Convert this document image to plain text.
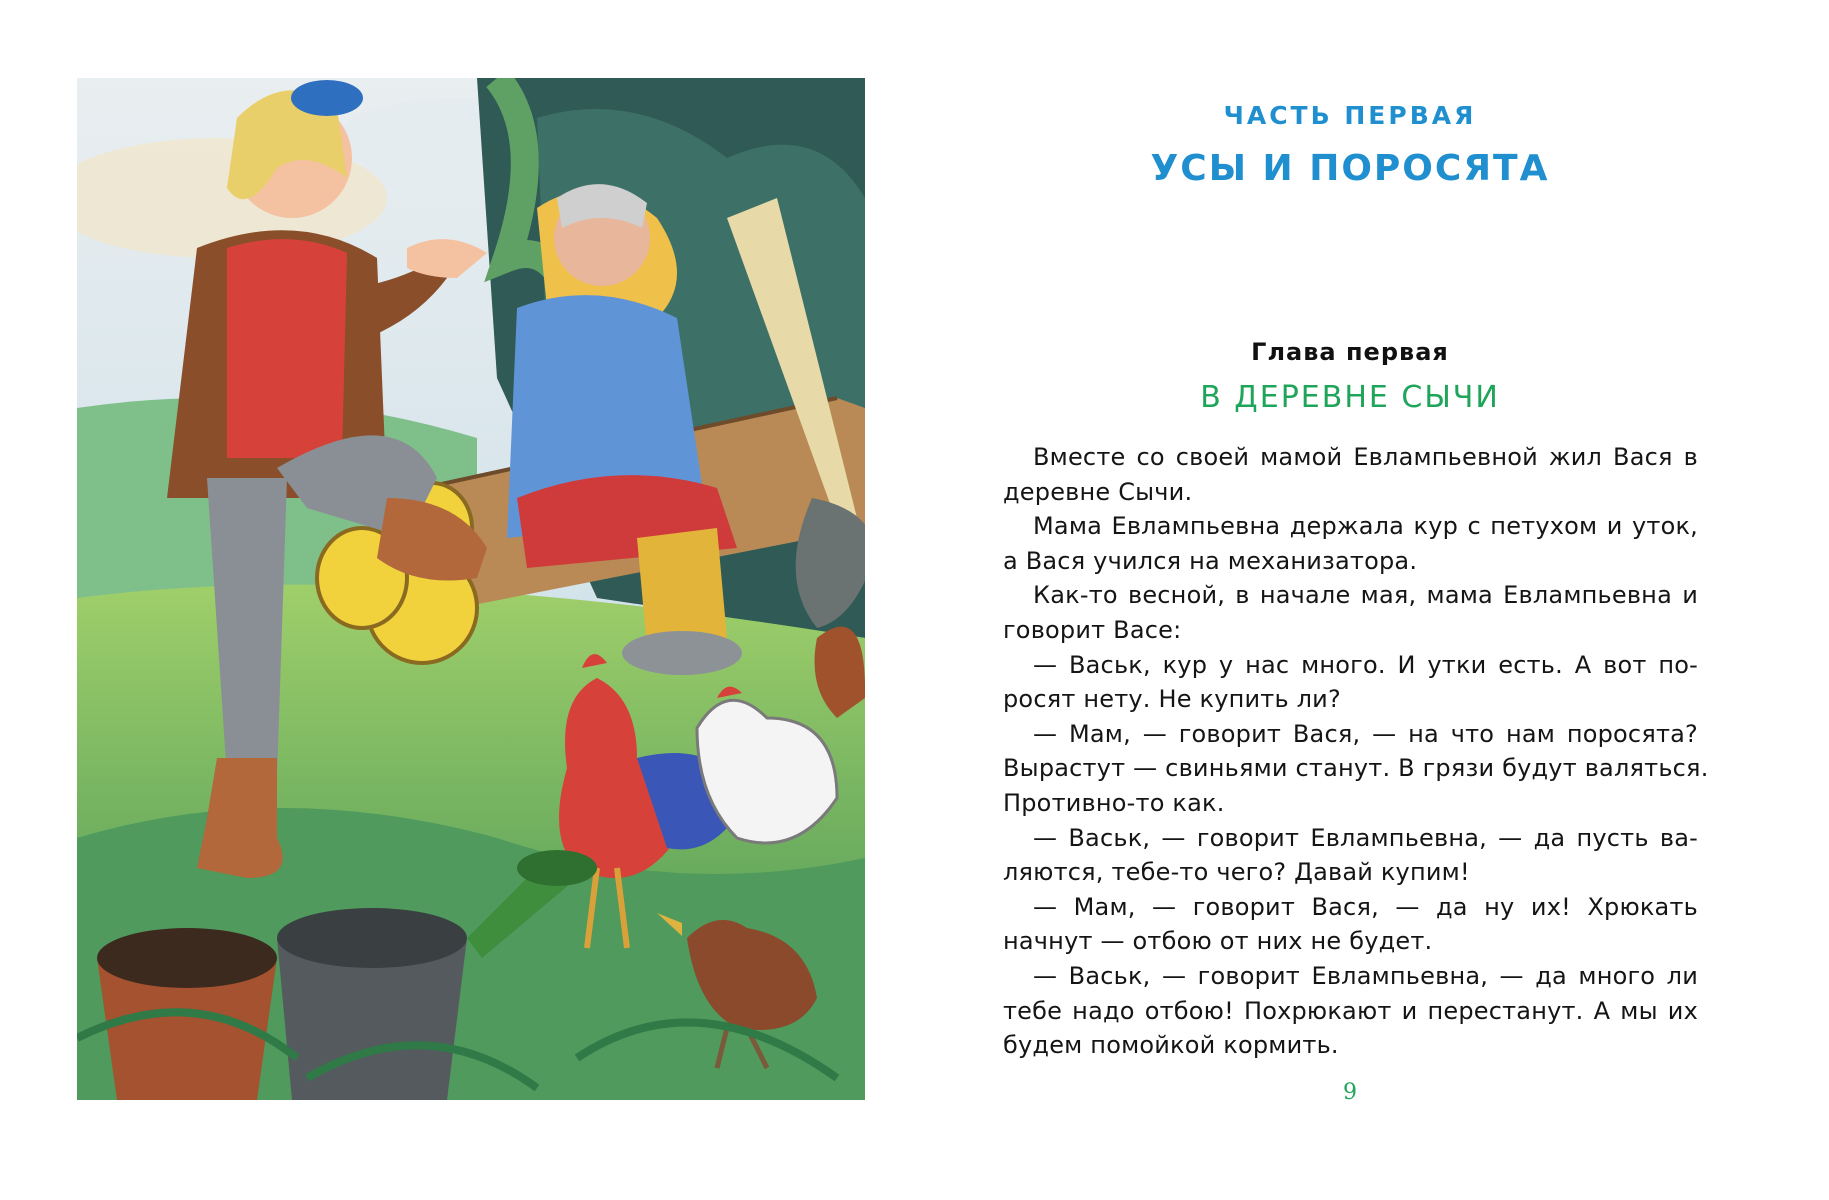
ЧАСТЬ ПЕРВАЯ
УСЫ И ПОРОСЯТА
Глава первая
В ДЕРЕВНЕ СЫЧИ
Вместе со своей мамой Евлампьевной жил Вася в
деревне Сычи.
Мама Евлампьевна держала кур с петухом и уток,
а Вася учился на механизатора.
Как-то весной, в начале мая, мама Евлампьевна и
говорит Васе:
— Васьк, кур у нас много. И утки есть. А вот по-
росят нету. Не купить ли?
— Мам, — говорит Вася, — на что нам поросята?
Вырастут — свиньями станут. В грязи будут валяться.
Противно-то как.
— Васьк, — говорит Евлампьевна, — да пусть ва-
ляются, тебе-то чего? Давай купим!
— Мам, — говорит Вася, — да ну их! Хрюкать
начнут — отбою от них не будет.
— Васьк, — говорит Евлампьевна, — да много ли
тебе надо отбою! Похрюкают и перестанут. А мы их
будем помойкой кормить.
9
